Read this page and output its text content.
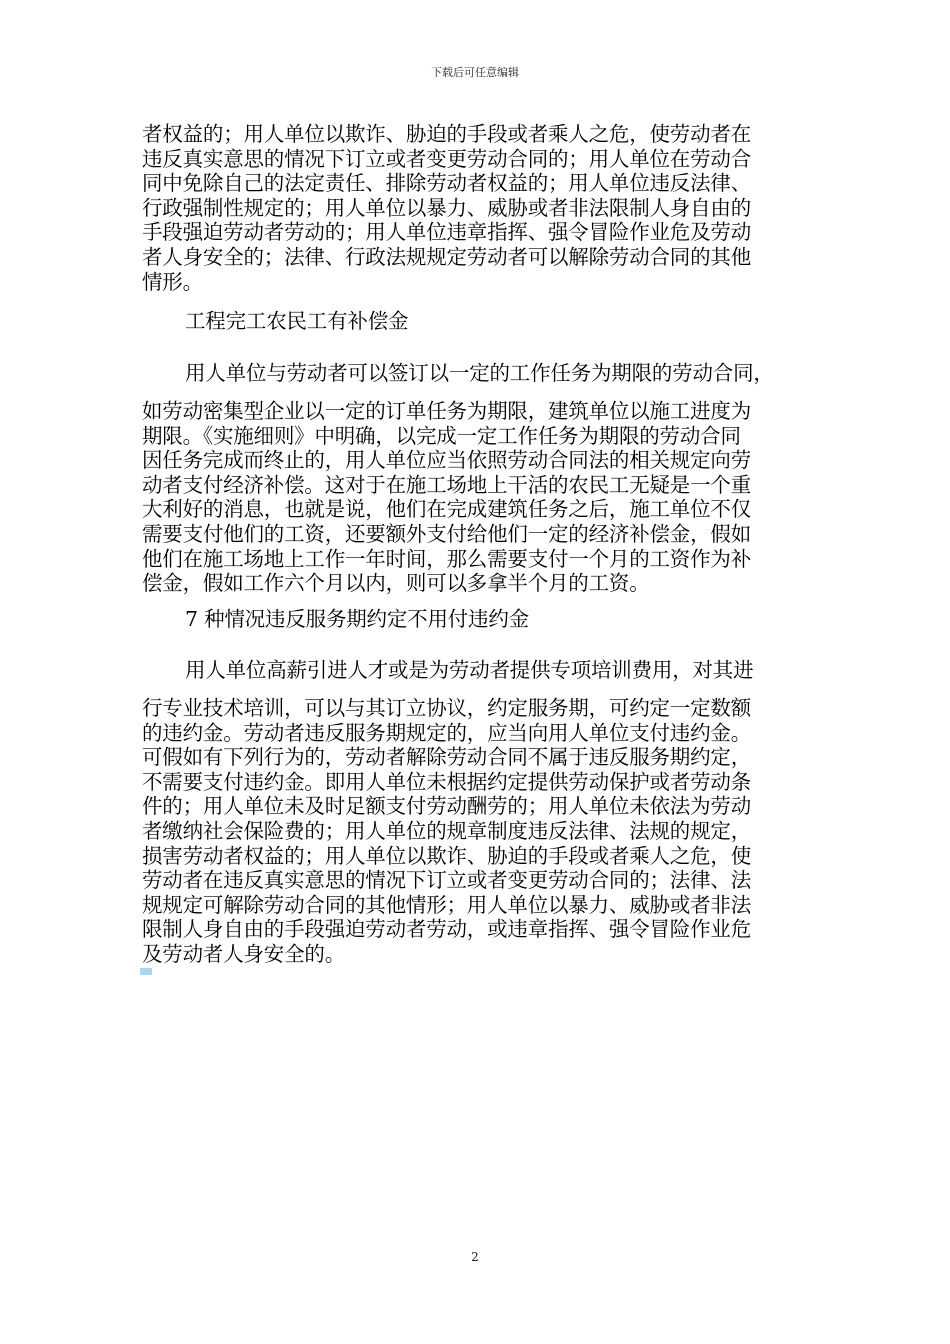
下载后可任意编辑
者权益的；用人单位以欺诈、胁迫的手段或者乘人之危，使劳动者在
违反真实意思的情况下订立或者变更劳动合同的；用人单位在劳动合
同中免除自己的法定责任、排除劳动者权益的；用人单位违反法律、
行政强制性规定的；用人单位以暴力、威胁或者非法限制人身自由的
手段强迫劳动者劳动的；用人单位违章指挥、强令冒险作业危及劳动
者人身安全的；法律、行政法规规定劳动者可以解除劳动合同的其他
情形。
工程完工农民工有补偿金
用人单位与劳动者可以签订以一定的工作任务为期限的劳动合同，
如劳动密集型企业以一定的订单任务为期限，建筑单位以施工进度为
期限。《实施细则》中明确，以完成一定工作任务为期限的劳动合同
因任务完成而终止的，用人单位应当依照劳动合同法的相关规定向劳
动者支付经济补偿。这对于在施工场地上干活的农民工无疑是一个重
大利好的消息，也就是说，他们在完成建筑任务之后，施工单位不仅
需要支付他们的工资，还要额外支付给他们一定的经济补偿金，假如
他们在施工场地上工作一年时间，那么需要支付一个月的工资作为补
偿金，假如工作六个月以内，则可以多拿半个月的工资。
7 种情况违反服务期约定不用付违约金
用人单位高薪引进人才或是为劳动者提供专项培训费用，对其进
行专业技术培训，可以与其订立协议，约定服务期，可约定一定数额
的违约金。劳动者违反服务期规定的，应当向用人单位支付违约金。
可假如有下列行为的，劳动者解除劳动合同不属于违反服务期约定，
不需要支付违约金。即用人单位未根据约定提供劳动保护或者劳动条
件的；用人单位未及时足额支付劳动酬劳的；用人单位未依法为劳动
者缴纳社会保险费的；用人单位的规章制度违反法律、法规的规定，
损害劳动者权益的；用人单位以欺诈、胁迫的手段或者乘人之危，使
劳动者在违反真实意思的情况下订立或者变更劳动合同的；法律、法
规规定可解除劳动合同的其他情形；用人单位以暴力、威胁或者非法
限制人身自由的手段强迫劳动者劳动，或违章指挥、强令冒险作业危
及劳动者人身安全的。
2
